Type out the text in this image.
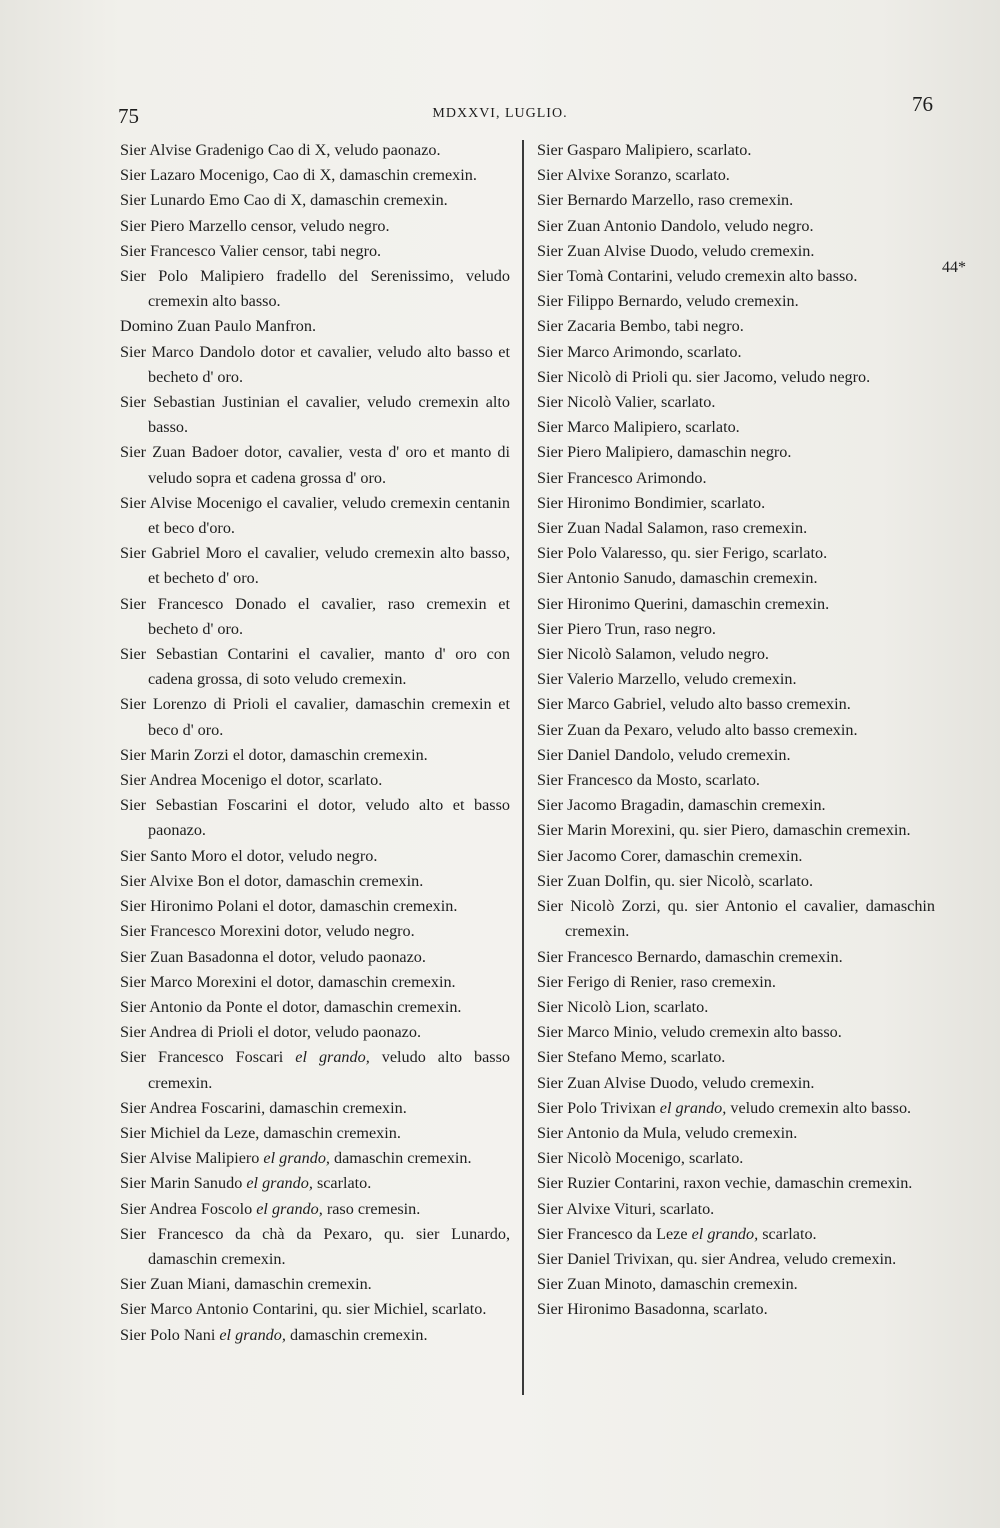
75	MDXXVI, LUGLIO.	76

Sier Alvise Gradenigo Cao di X, veludo paonazo.

Sier Lazaro Mocenigo, Cao di X, damaschin cremexin.

Sier Lunardo Emo Cao di X, damaschin cremexin.

Sier Piero Marzello censor, veludo negro.

Sier Francesco Valier censor, tabi negro.

Sier Polo Malipiero fradello del Serenissimo, veludo cremexin alto basso.

Domino Zuan Paulo Manfron.

Sier Marco Dandolo dotor et cavalier, veludo alto basso et becheto d' oro.

Sier Sebastian Justinian el cavalier, veludo cremexin alto basso.

Sier Zuan Badoer dotor, cavalier, vesta d' oro et manto di veludo sopra et cadena grossa d' oro.

Sier Alvise Mocenigo el cavalier, veludo cremexin centanin et beco d'oro.

Sier Gabriel Moro el cavalier, veludo cremexin alto basso, et becheto d' oro.

Sier Francesco Donado el cavalier, raso cremexin et becheto d' oro.

Sier Sebastian Contarini el cavalier, manto d' oro con cadena grossa, di soto veludo cremexin.

Sier Lorenzo di Prioli el cavalier, damaschin cremexin et beco d' oro.

Sier Marin Zorzi el dotor, damaschin cremexin.

Sier Andrea Mocenigo el dotor, scarlato.

Sier Sebastian Foscarini el dotor, veludo alto et basso paonazo.

Sier Santo Moro el dotor, veludo negro.

Sier Alvixe Bon el dotor, damaschin cremexin.

Sier Hironimo Polani el dotor, damaschin cremexin.

Sier Francesco Morexini dotor, veludo negro.

Sier Zuan Basadonna el dotor, veludo paonazo.

Sier Marco Morexini el dotor, damaschin cremexin.

Sier Antonio da Ponte el dotor, damaschin cremexin.

Sier Andrea di Prioli el dotor, veludo paonazo.

Sier Francesco Foscari el grando, veludo alto basso cremexin.

Sier Andrea Foscarini, damaschin cremexin.

Sier Michiel da Leze, damaschin cremexin.

Sier Alvise Malipiero el grando, damaschin cremexin.

Sier Marin Sanudo el grando, scarlato.

Sier Andrea Foscolo el grando, raso cremesin.

Sier Francesco da chà da Pexaro, qu. sier Lunardo, damaschin cremexin.

Sier Zuan Miani, damaschin cremexin.

Sier Marco Antonio Contarini, qu. sier Michiel, scarlato.

Sier Polo Nani el grando, damaschin cremexin.

Sier Gasparo Malipiero, scarlato.

Sier Alvixe Soranzo, scarlato.

Sier Bernardo Marzello, raso cremexin.

Sier Zuan Antonio Dandolo, veludo negro.

Sier Zuan Alvise Duodo, veludo cremexin.

Sier Tomà Contarini, veludo cremexin alto basso.

Sier Filippo Bernardo, veludo cremexin.

Sier Zacaria Bembo, tabi negro.

Sier Marco Arimondo, scarlato.

Sier Nicolò di Prioli qu. sier Jacomo, veludo negro.

Sier Nicolò Valier, scarlato.

Sier Marco Malipiero, scarlato.

Sier Piero Malipiero, damaschin negro.

Sier Francesco Arimondo.

Sier Hironimo Bondimier, scarlato.

Sier Zuan Nadal Salamon, raso cremexin.

Sier Polo Valaresso, qu. sier Ferigo, scarlato.

Sier Antonio Sanudo, damaschin cremexin.

Sier Hironimo Querini, damaschin cremexin.

Sier Piero Trun, raso negro.

Sier Nicolò Salamon, veludo negro.

Sier Valerio Marzello, veludo cremexin.

Sier Marco Gabriel, veludo alto basso cremexin.

Sier Zuan da Pexaro, veludo alto basso cremexin.

Sier Daniel Dandolo, veludo cremexin.

Sier Francesco da Mosto, scarlato.

Sier Jacomo Bragadin, damaschin cremexin.

Sier Marin Morexini, qu. sier Piero, damaschin cremexin.

Sier Jacomo Corer, damaschin cremexin.

Sier Zuan Dolfin, qu. sier Nicolò, scarlato.

Sier Nicolò Zorzi, qu. sier Antonio el cavalier, damaschin cremexin.

Sier Francesco Bernardo, damaschin cremexin.

Sier Ferigo di Renier, raso cremexin.

Sier Nicolò Lion, scarlato.

Sier Marco Minio, veludo cremexin alto basso.

Sier Stefano Memo, scarlato.

Sier Zuan Alvise Duodo, veludo cremexin.

Sier Polo Trivixan el grando, veludo cremexin alto basso.

Sier Antonio da Mula, veludo cremexin.

Sier Nicolò Mocenigo, scarlato.

Sier Ruzier Contarini, raxon vechie, damaschin cremexin.

Sier Alvixe Vituri, scarlato.

Sier Francesco da Leze el grando, scarlato.

Sier Daniel Trivixan, qu. sier Andrea, veludo cremexin.

Sier Zuan Minoto, damaschin cremexin.

Sier Hironimo Basadonna, scarlato.

44*
